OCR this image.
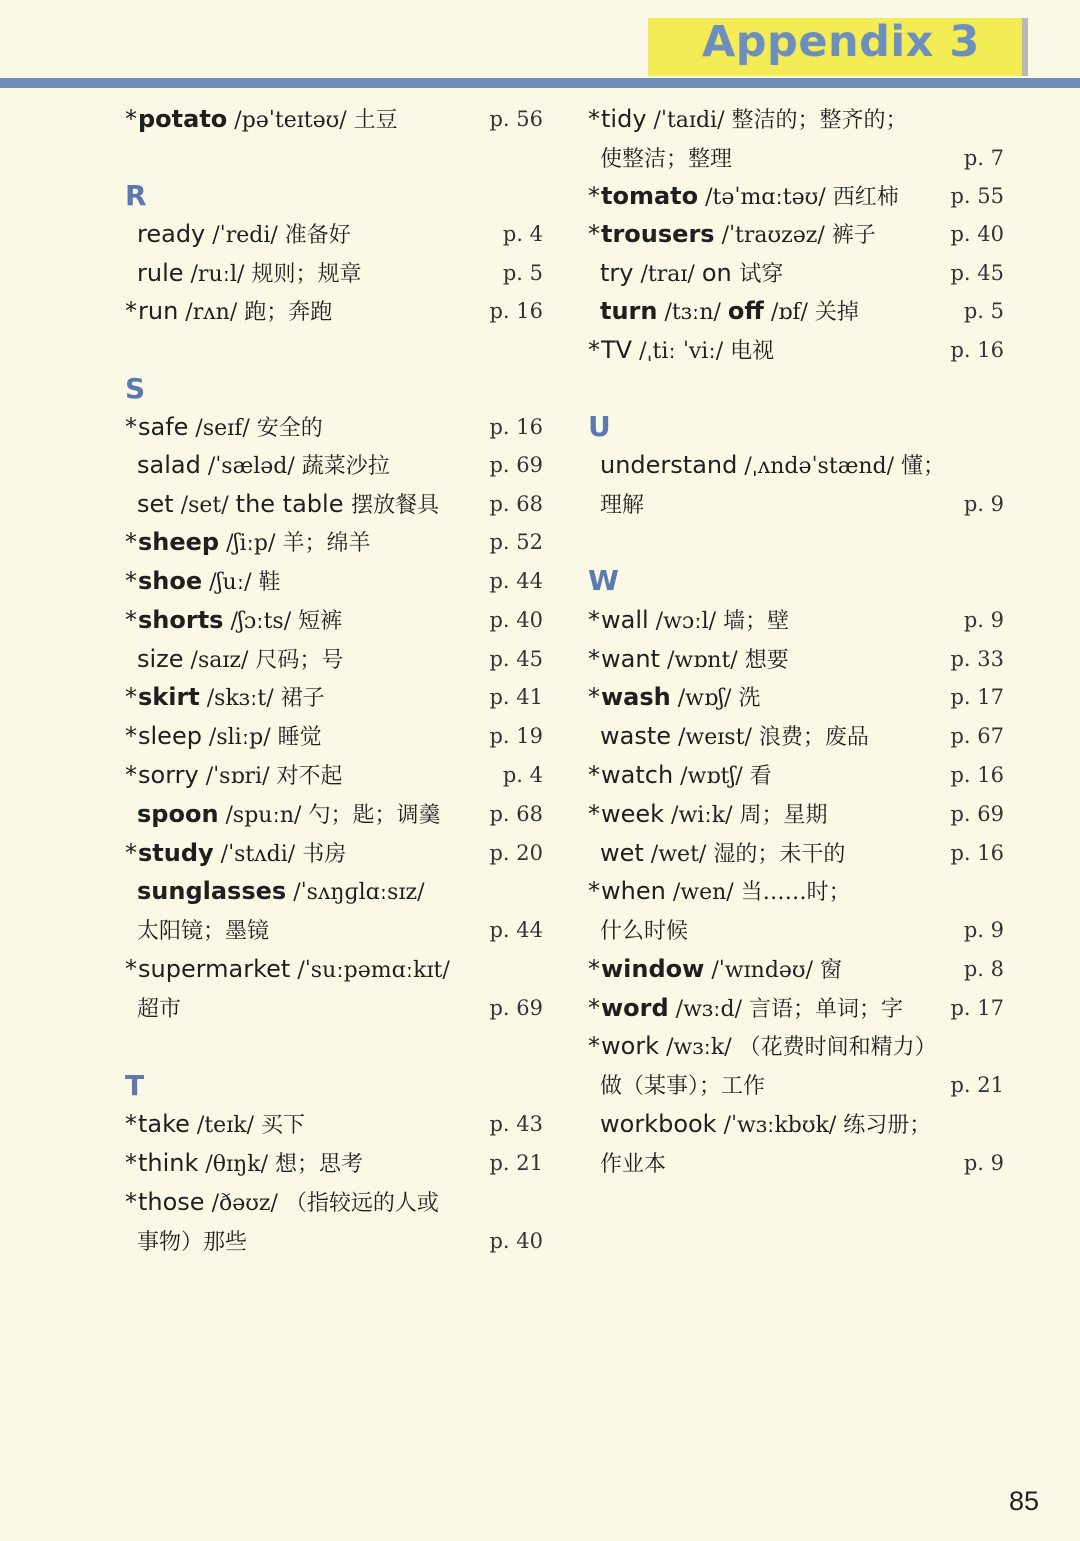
Appendix 3
*potato /pəˈteɪtəʊ/ 土豆	p. 56
R
ready /ˈredi/ 准备好	p. 4
rule /ruːl/ 规则；规章	p. 5
*run /rʌn/ 跑；奔跑	p. 16
S
*safe /seɪf/ 安全的	p. 16
salad /ˈsæləd/ 蔬菜沙拉	p. 69
set /set/ the table 摆放餐具 p. 68
*sheep /ʃiːp/ 羊；绵羊	p. 52
*shoe /ʃuː/ 鞋	p. 44
*shorts /ʃɔːts/ 短裤	p. 40
size /saɪz/ 尺码；号	p. 45
*skirt /skɜːt/ 裙子	p. 41
*sleep /sliːp/ 睡觉	p. 19
*sorry /ˈsɒri/ 对不起	p. 4
spoon /spuːn/ 勺；匙；调羹 p. 68
*study /ˈstʌdi/ 书房	p. 20
sunglasses /ˈsʌŋɡlɑːsɪz/
太阳镜；墨镜	p. 44
*supermarket /ˈsuːpəmɑːkɪt/
超市	p. 69
T
*take /teɪk/ 买下	p. 43
*think /θɪŋk/ 想；思考	p. 21
*those /ðəʊz/ （指较远的人或
事物）那些	p. 40
*tidy /ˈtaɪdi/ 整洁的；整齐的；
使整洁；整理	p. 7
*tomato /təˈmɑːtəʊ/ 西红柿 p. 55
*trousers /ˈtraʊzəz/ 裤子	p. 40
try /traɪ/ on 试穿	p. 45
turn /tɜːn/ off /ɒf/ 关掉	p. 5
*TV /ˌtiː ˈviː/ 电视	p. 16
U
understand /ˌʌndəˈstænd/ 懂；
理解	p. 9
W
*wall /wɔːl/ 墙；壁	p. 9
*want /wɒnt/ 想要	p. 33
*wash /wɒʃ/ 洗	p. 17
waste /weɪst/ 浪费；废品	p. 67
*watch /wɒtʃ/ 看	p. 16
*week /wiːk/ 周；星期	p. 69
wet /wet/ 湿的；未干的	p. 16
*when /wen/ 当……时；
什么时候	p. 9
*window /ˈwɪndəʊ/ 窗	p. 8
*word /wɜːd/ 言语；单词；字 p. 17
*work /wɜːk/ （花费时间和精力）
做（某事）；工作	p. 21
workbook /ˈwɜːkbʊk/ 练习册；
作业本	p. 9
85
